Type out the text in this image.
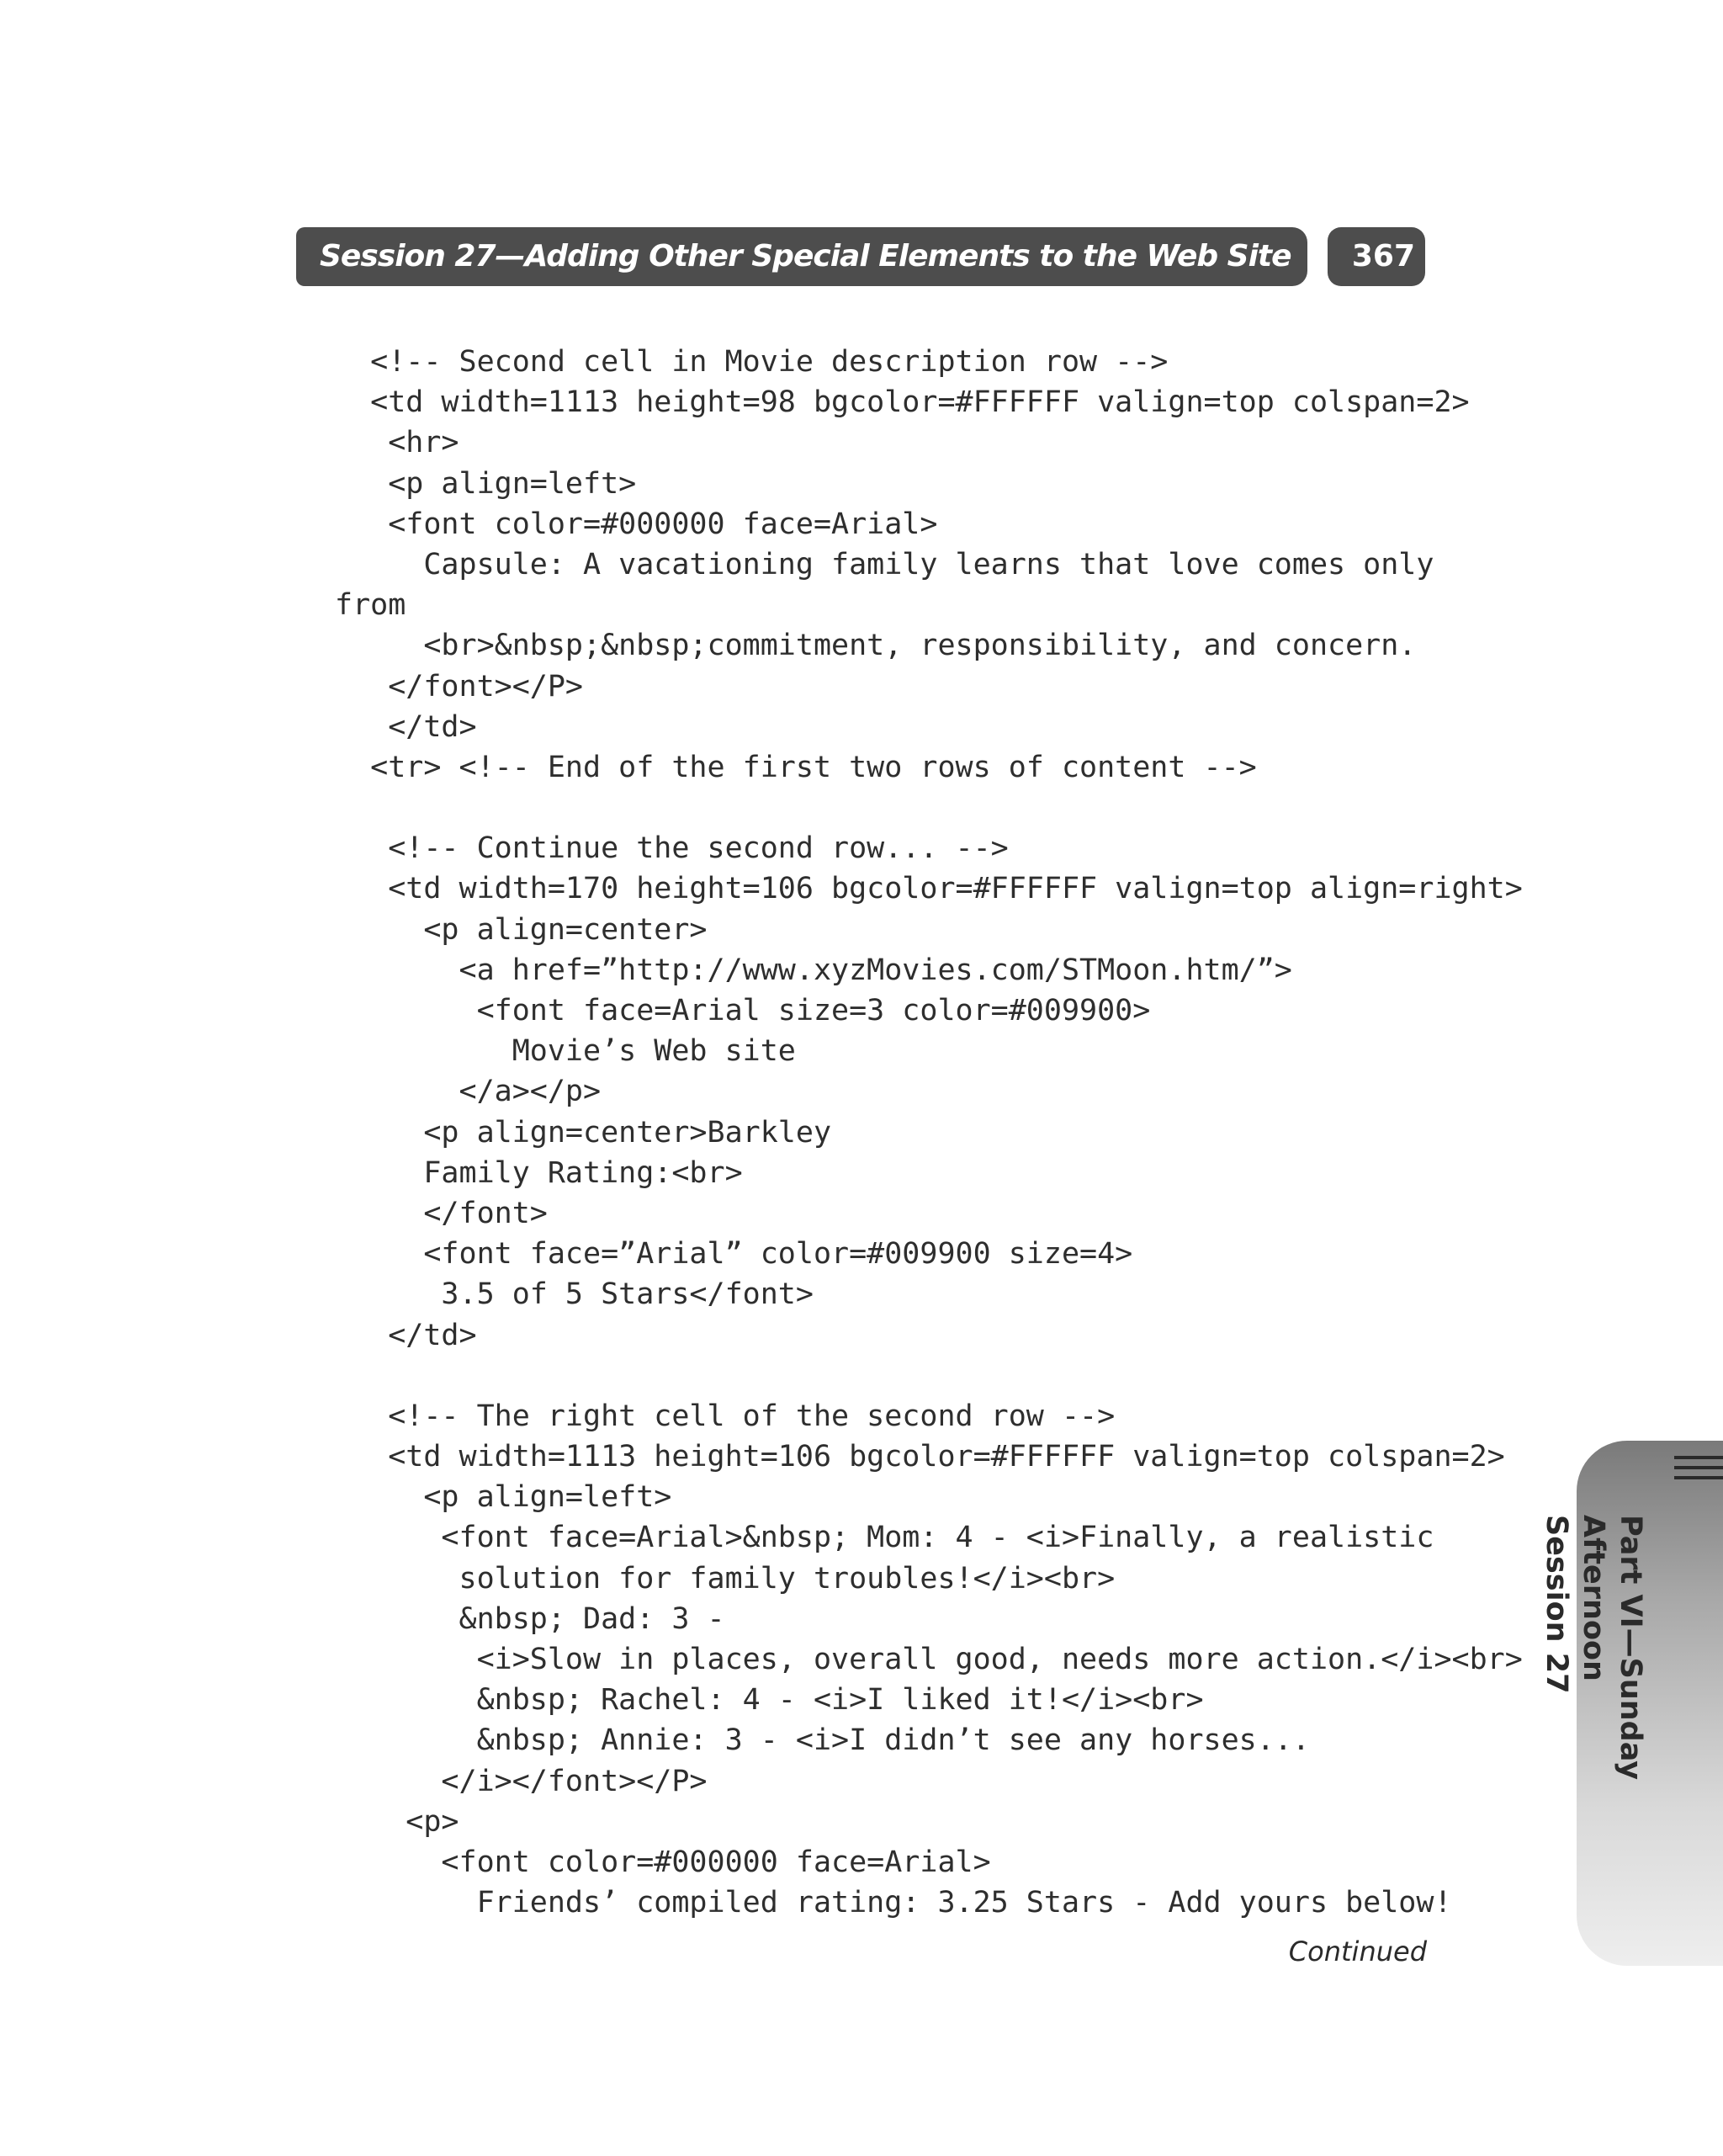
Session 27—Adding Other Special Elements to the Web Site	367
<!-- Second cell in Movie description row -->
<td width=1113 height=98 bgcolor=#FFFFFF valign=top colspan=2>
<hr>
<p align=left>
<font color=#000000 face=Arial>
Capsule: A vacationing family learns that love comes only
from
<br>&nbsp;&nbsp;commitment, responsibility, and concern.
</font></P>
</td>
<tr> <!-- End of the first two rows of content -->
<!-- Continue the second row... -->
<td width=170 height=106 bgcolor=#FFFFFF valign=top align=right>
<p align=center>
<a href=”http://www.xyzMovies.com/STMoon.htm/”>
<font face=Arial size=3 color=#009900>
Movie’s Web site
</a></p>
<p align=center>Barkley
Family Rating:<br>
</font>
<font face=”Arial” color=#009900 size=4>
3.5 of 5 Stars</font>
</td>
<!-- The right cell of the second row -->
<td width=1113 height=106 bgcolor=#FFFFFF valign=top colspan=2>
<p align=left>
<font face=Arial>&nbsp; Mom: 4 - <i>Finally, a realistic
solution for family troubles!</i><br>
&nbsp; Dad: 3 -
<i>Slow in places, overall good, needs more action.</i><br>
&nbsp; Rachel: 4 - <i>I liked it!</i><br>
&nbsp; Annie: 3 - <i>I didn’t see any horses...
</i></font></P>
<p>
<font color=#000000 face=Arial>
Friends’ compiled rating: 3.25 Stars - Add yours below!
Continued
Part VI—Sunday Afternoon
Session 27
